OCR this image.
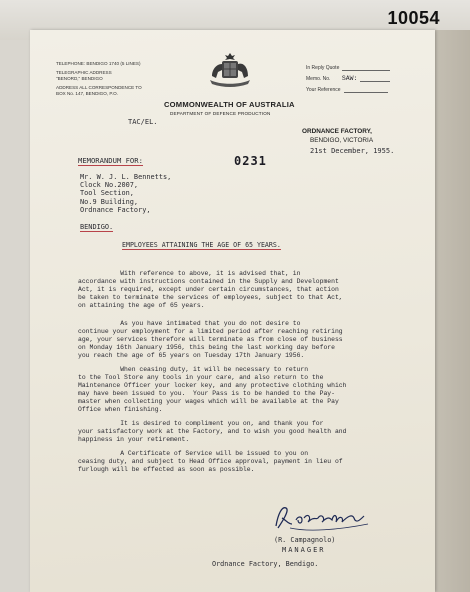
10054
TELEPHONE: BENDIGO 1740 (5 LINES)
TELEGRAPHIC ADDRESS
"BENORD," BENDIGO
ADDRESS ALL CORRESPONDENCE TO
BOX No. 147, BENDIGO, P.O.
In Reply Quote
Memo. No. SAW:
Your Reference
COMMONWEALTH OF AUSTRALIA
DEPARTMENT OF DEFENCE PRODUCTION
TAC/EL.
ORDNANCE FACTORY,
BENDIGO, VICTORIA
21st December, 1955.
MEMORANDUM FOR:	0231
Mr. W. J. L. Bennetts,
Clock No.2007,
Tool Section,
No.9 Building,
Ordnance Factory,
BENDIGO.
EMPLOYEES ATTAINING THE AGE OF 65 YEARS.
With reference to above, it is advised that, in
accordance with instructions contained in the Supply and Development
Act, it is required, except under certain circumstances, that action
be taken to terminate the services of employees, subject to that Act,
on attaining the age of 65 years.
As you have intimated that you do not desire to
continue your employment for a limited period after reaching retiring
age, your services therefore will terminate as from close of business
on Monday 16th January 1956, this being the last working day before
you reach the age of 65 years on Tuesday 17th January 1956.
When ceasing duty, it will be necessary to return
to the Tool Store any tools in your care, and also return to the
Maintenance Officer your locker key, and any protective clothing which
may have been issued to you.  Your Pass is to be handed to the Pay-
master when collecting your wages which will be available at the Pay
Office when finishing.
It is desired to compliment you on, and thank you for
your satisfactory work at the Factory, and to wish you good health and
happiness in your retirement.
A Certificate of Service will be issued to you on
ceasing duty, and subject to Head Office approval, payment in lieu of
furlough will be effected as soon as possible.
(R. Campagnolo)
MANAGER
Ordnance Factory, Bendigo.
